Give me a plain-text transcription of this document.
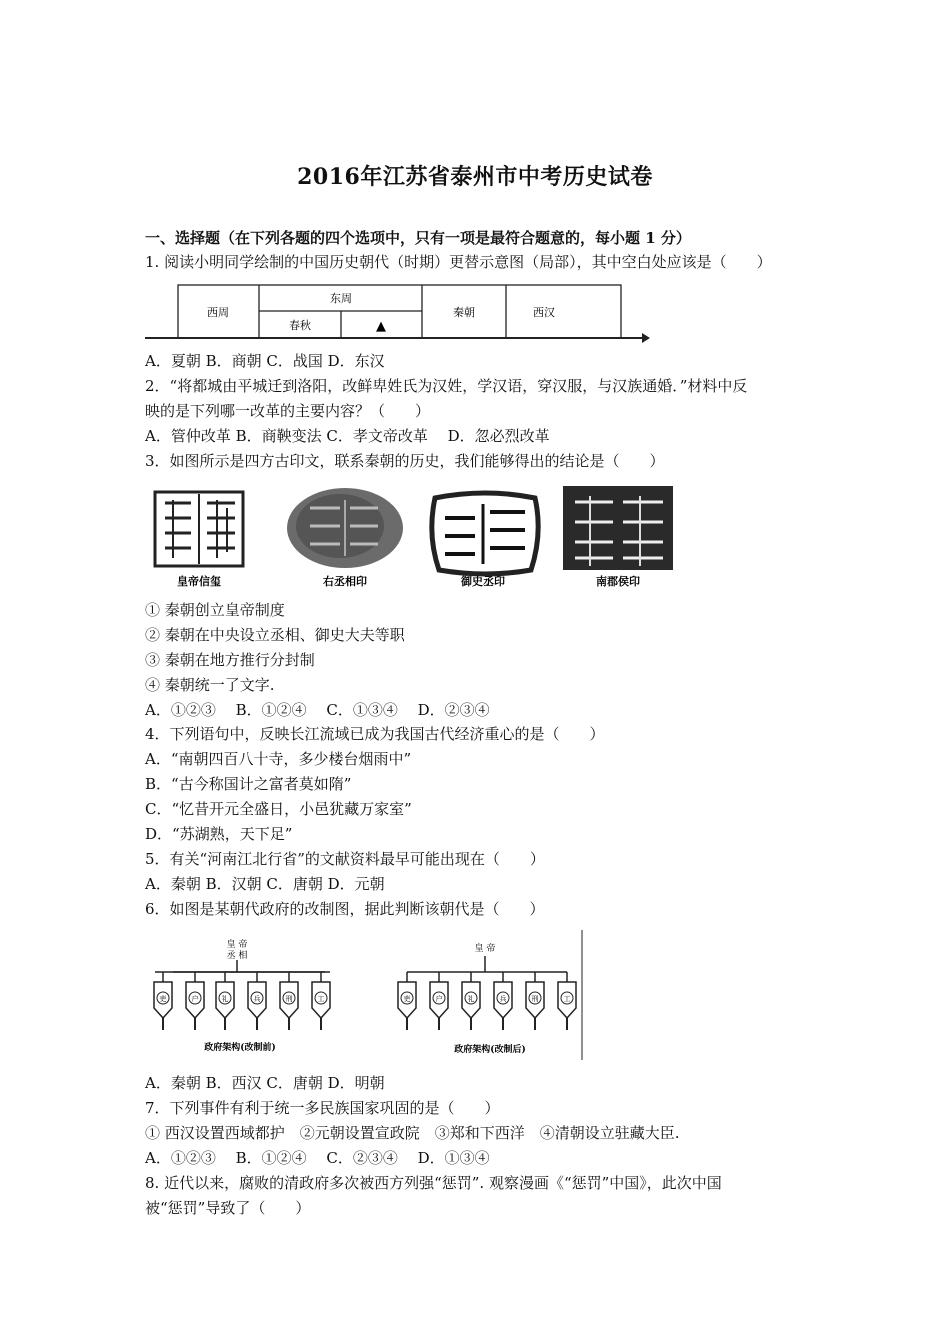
2016年江苏省泰州市中考历史试卷
一、选择题（在下列各题的四个选项中，只有一项是最符合题意的，每小题 1 分）
1. 阅读小明同学绘制的中国历史朝代（时期）更替示意图（局部），其中空白处应该是（　　）
西周
东周
春秋	▲
秦朝	西汉
A．夏朝 B．商朝 C．战国 D．东汉
2．“将都城由平城迁到洛阳，改鲜卑姓氏为汉姓，学汉语，穿汉服，与汉族通婚．”材料中反
映的是下列哪一改革的主要内容？（　　）
A．管仲改革 B．商鞅变法 C．孝文帝改革　 D．忽必烈改革
3．如图所示是四方古印文，联系秦朝的历史，我们能够得出的结论是（　　）
皇帝信玺	右丞相印	御史丞印	南郡侯印
① 秦朝创立皇帝制度
② 秦朝在中央设立丞相、御史大夫等职
③ 秦朝在地方推行分封制
④ 秦朝统一了文字.
A．①②③　 B．①②④　 C．①③④　 D．②③④
4．下列语句中，反映长江流域已成为我国古代经济重心的是（　　）
A．“南朝四百八十寺，多少楼台烟雨中”
B．“古今称国计之富者莫如隋”
C．“忆昔开元全盛日，小邑犹藏万家室”
D．“苏湖熟，天下足”
5．有关“河南江北行省”的文献资料最早可能出现在（　　）
A．秦朝 B．汉朝 C．唐朝 D．元朝
6．如图是某朝代政府的改制图，据此判断该朝代是（　　）
皇 帝
丞 相
吏	户	礼	兵	刑	工
政府架构(改制前)
皇 帝
吏	户	礼	兵	刑	工
政府架构(改制后)
A．秦朝 B．西汉 C．唐朝 D．明朝
7．下列事件有利于统一多民族国家巩固的是（　　）
① 西汉设置西域都护　②元朝设置宣政院　③郑和下西洋　④清朝设立驻藏大臣.
A．①②③　 B．①②④　 C．②③④　 D．①③④
8. 近代以来，腐败的清政府多次被西方列强“惩罚”. 观察漫画《“惩罚”中国》，此次中国
被“惩罚”导致了（　　）
